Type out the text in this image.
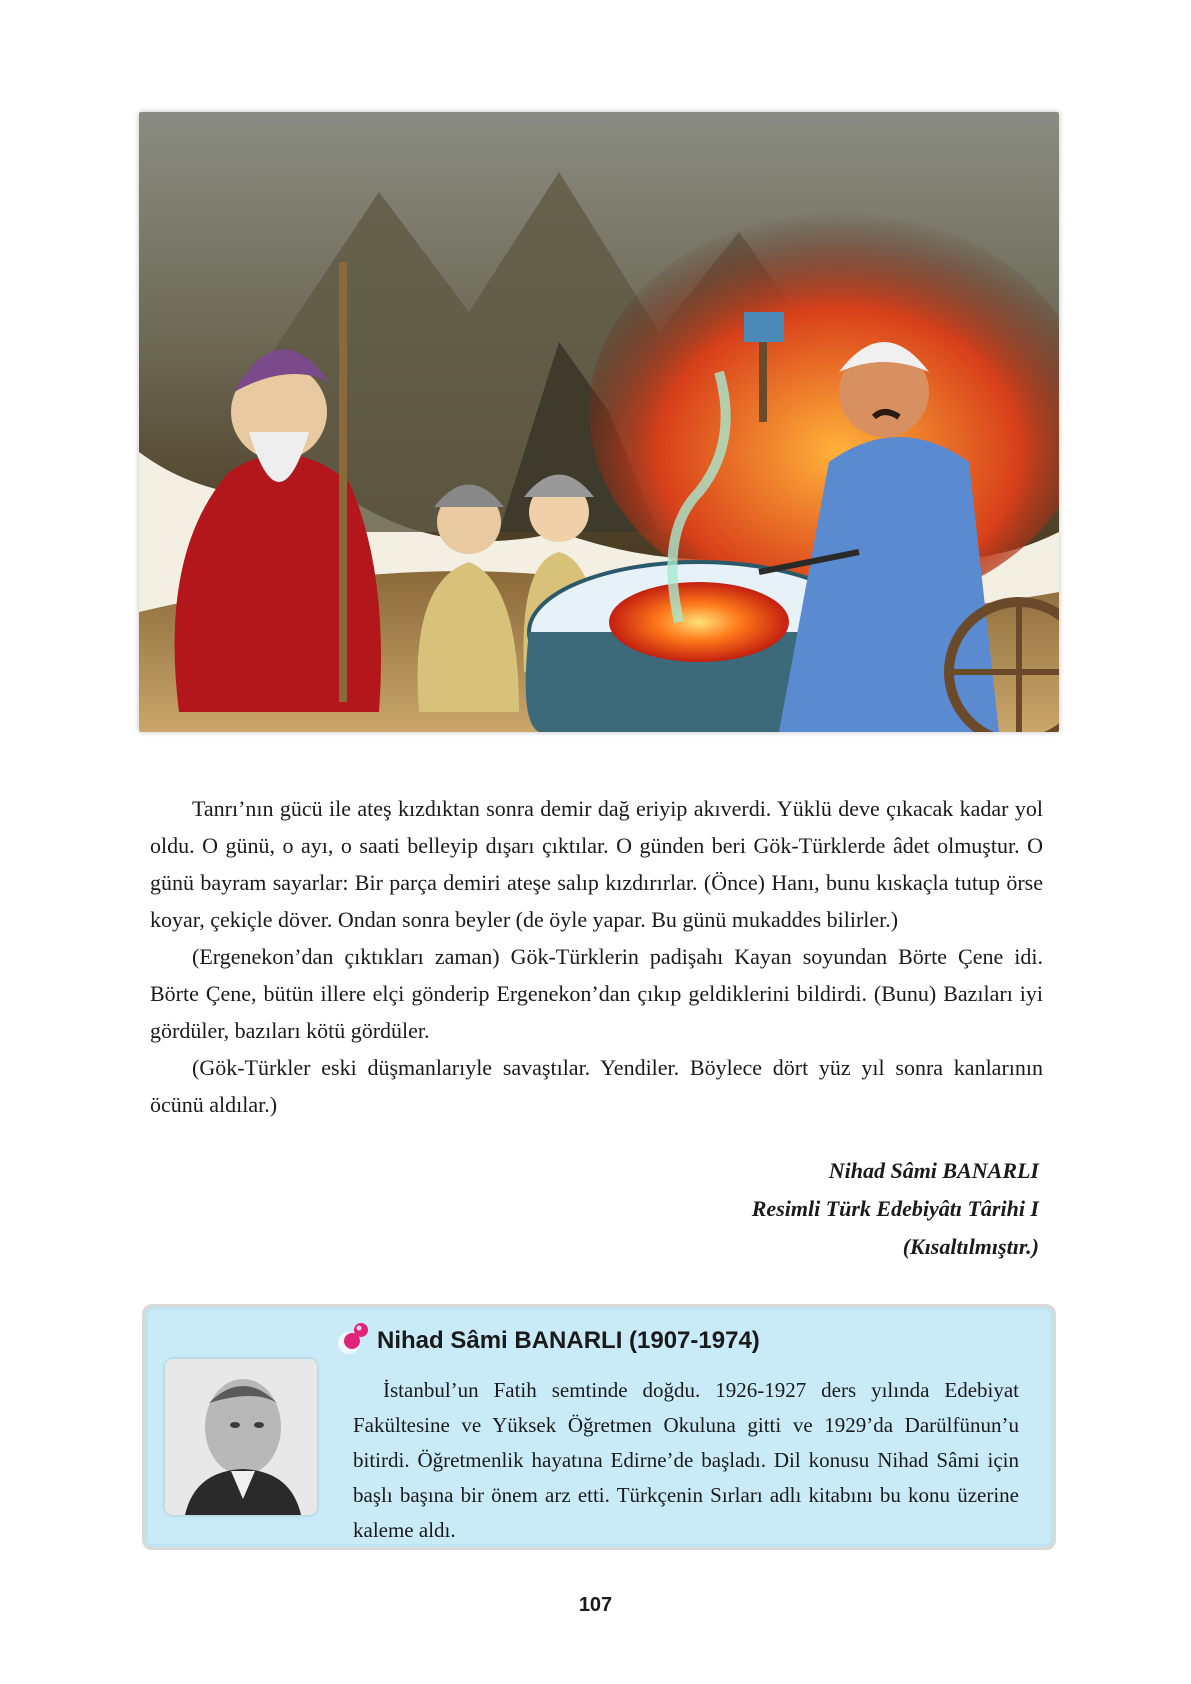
Tanrı’nın gücü ile ateş kızdıktan sonra demir dağ eriyip akıverdi. Yüklü deve çıkacak kadar yol oldu. O günü, o ayı, o saati belleyip dışarı çıktılar. O günden beri Gök-Türklerde âdet olmuştur. O günü bayram sayarlar: Bir parça demiri ateşe salıp kızdırırlar. (Önce) Hanı, bunu kıskaçla tutup örse koyar, çekiçle döver. Ondan sonra beyler (de öyle yapar. Bu günü mukaddes bilirler.)

(Ergenekon’dan çıktıkları zaman) Gök-Türklerin padişahı Kayan soyundan Börte Çene idi. Börte Çene, bütün illere elçi gönderip Ergenekon’dan çıkıp geldiklerini bildirdi. (Bunu) Bazıları iyi gördüler, bazıları kötü gördüler.

(Gök-Türkler eski düşmanlarıyle savaştılar. Yendiler. Böylece dört yüz yıl sonra kanlarının öcünü aldılar.)

Nihad Sâmi BANARLI
Resimli Türk Edebiyâtı Târihi I
(Kısaltılmıştır.)
Nihad Sâmi BANARLI (1907-1974)

İstanbul’un Fatih semtinde doğdu. 1926-1927 ders yılında Edebiyat Fakültesine ve Yüksek Öğretmen Okuluna gitti ve 1929’da Darülfünun’u bitirdi. Öğretmenlik hayatına Edirne’de başladı. Dil konusu Nihad Sâmi için başlı başına bir önem arz etti. Türkçenin Sırları adlı kitabını bu konu üzerine kaleme aldı.

107
